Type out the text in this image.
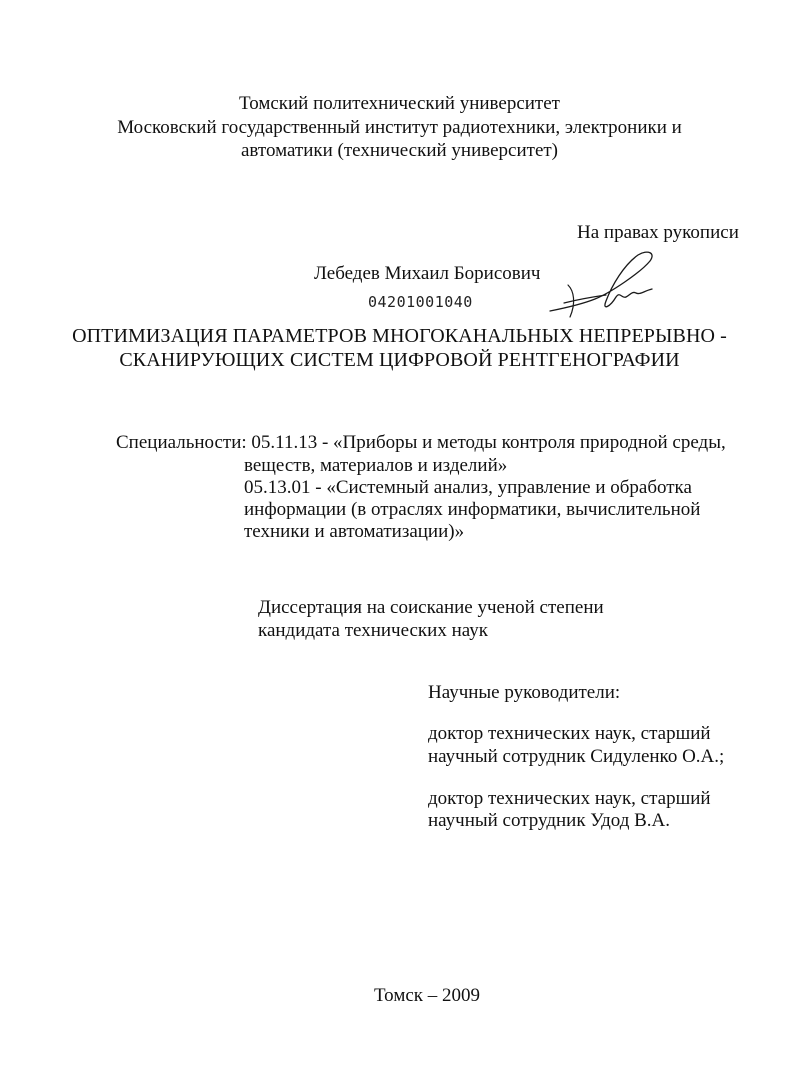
Томский политехнический университет
Московский государственный институт радиотехники, электроники и
автоматики (технический университет)
На правах рукописи
Лебедев Михаил Борисович
04201001040
ОПТИМИЗАЦИЯ ПАРАМЕТРОВ МНОГОКАНАЛЬНЫХ НЕПРЕРЫВНО -
СКАНИРУЮЩИХ СИСТЕМ ЦИФРОВОЙ РЕНТГЕНОГРАФИИ
Специальности: 05.11.13 - «Приборы и методы контроля природной среды,
веществ, материалов и изделий»
05.13.01 - «Системный анализ, управление и обработка
информации (в отраслях информатики, вычислительной
техники и автоматизации)»
Диссертация на соискание ученой степени
кандидата технических наук
Научные руководители:
доктор технических наук, старший
научный сотрудник Сидуленко О.А.;
доктор технических наук, старший
научный сотрудник Удод В.А.
Томск – 2009
